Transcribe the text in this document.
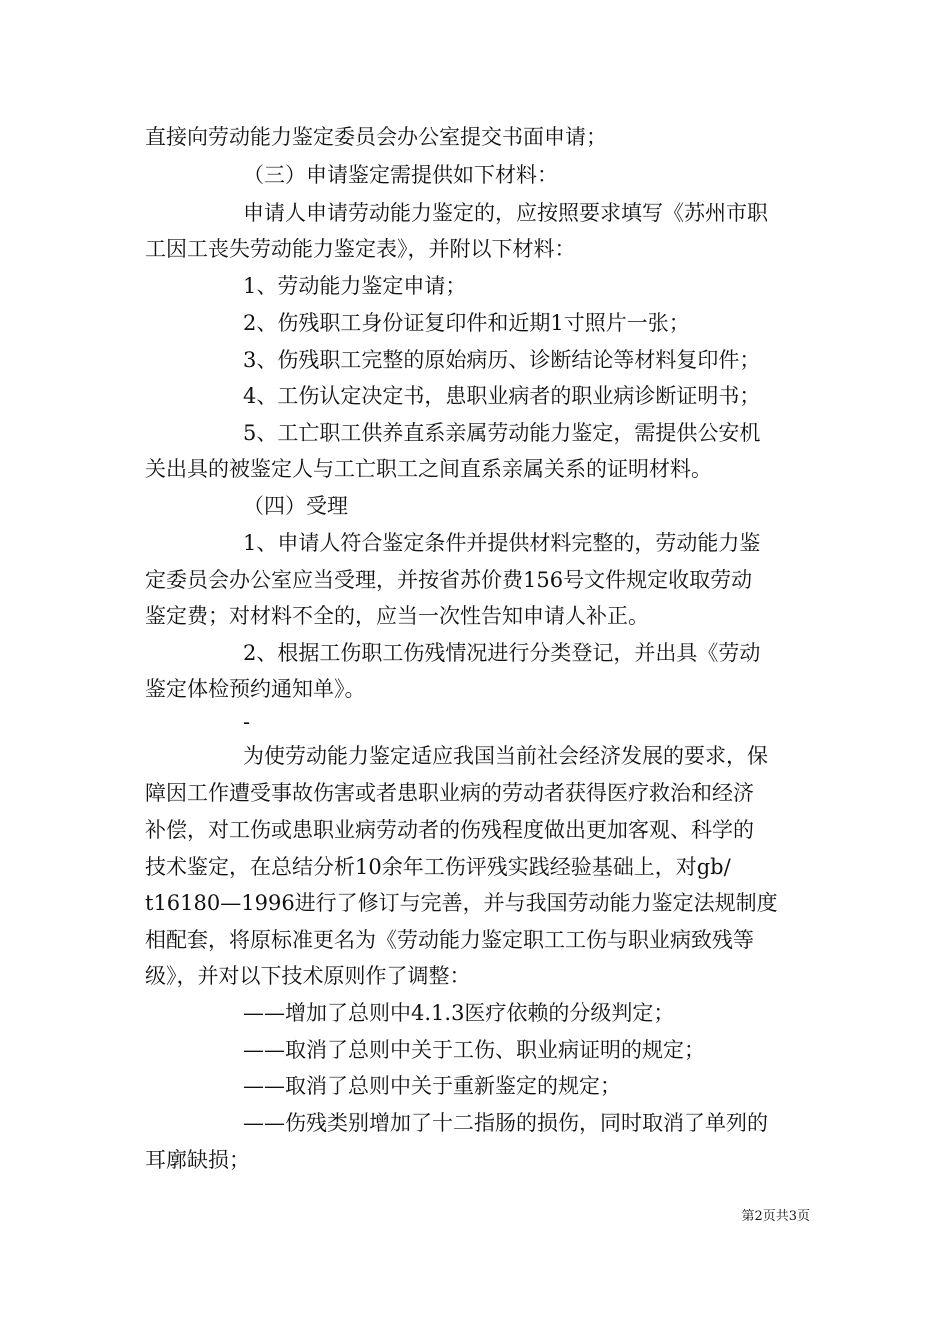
直接向劳动能力鉴定委员会办公室提交书面申请；

（三）申请鉴定需提供如下材料：

申请人申请劳动能力鉴定的，应按照要求填写《苏州市职

工因工丧失劳动能力鉴定表》，并附以下材料：

1、劳动能力鉴定申请；

2、伤残职工身份证复印件和近期1寸照片一张；

3、伤残职工完整的原始病历、诊断结论等材料复印件；

4、工伤认定决定书，患职业病者的职业病诊断证明书；

5、工亡职工供养直系亲属劳动能力鉴定，需提供公安机

关出具的被鉴定人与工亡职工之间直系亲属关系的证明材料。

（四）受理

1、申请人符合鉴定条件并提供材料完整的，劳动能力鉴

定委员会办公室应当受理，并按省苏价费156号文件规定收取劳动

鉴定费；对材料不全的，应当一次性告知申请人补正。

2、根据工伤职工伤残情况进行分类登记，并出具《劳动

鉴定体检预约通知单》。

-

为使劳动能力鉴定适应我国当前社会经济发展的要求，保

障因工作遭受事故伤害或者患职业病的劳动者获得医疗救治和经济

补偿，对工伤或患职业病劳动者的伤残程度做出更加客观、科学的

技术鉴定，在总结分析10余年工伤评残实践经验基础上，对gb/

t16180—1996进行了修订与完善，并与我国劳动能力鉴定法规制度

相配套，将原标准更名为《劳动能力鉴定职工工伤与职业病致残等

级》，并对以下技术原则作了调整：

——增加了总则中4.1.3医疗依赖的分级判定；

——取消了总则中关于工伤、职业病证明的规定；

——取消了总则中关于重新鉴定的规定；

——伤残类别增加了十二指肠的损伤，同时取消了单列的

耳廓缺损；

第2页共3页
